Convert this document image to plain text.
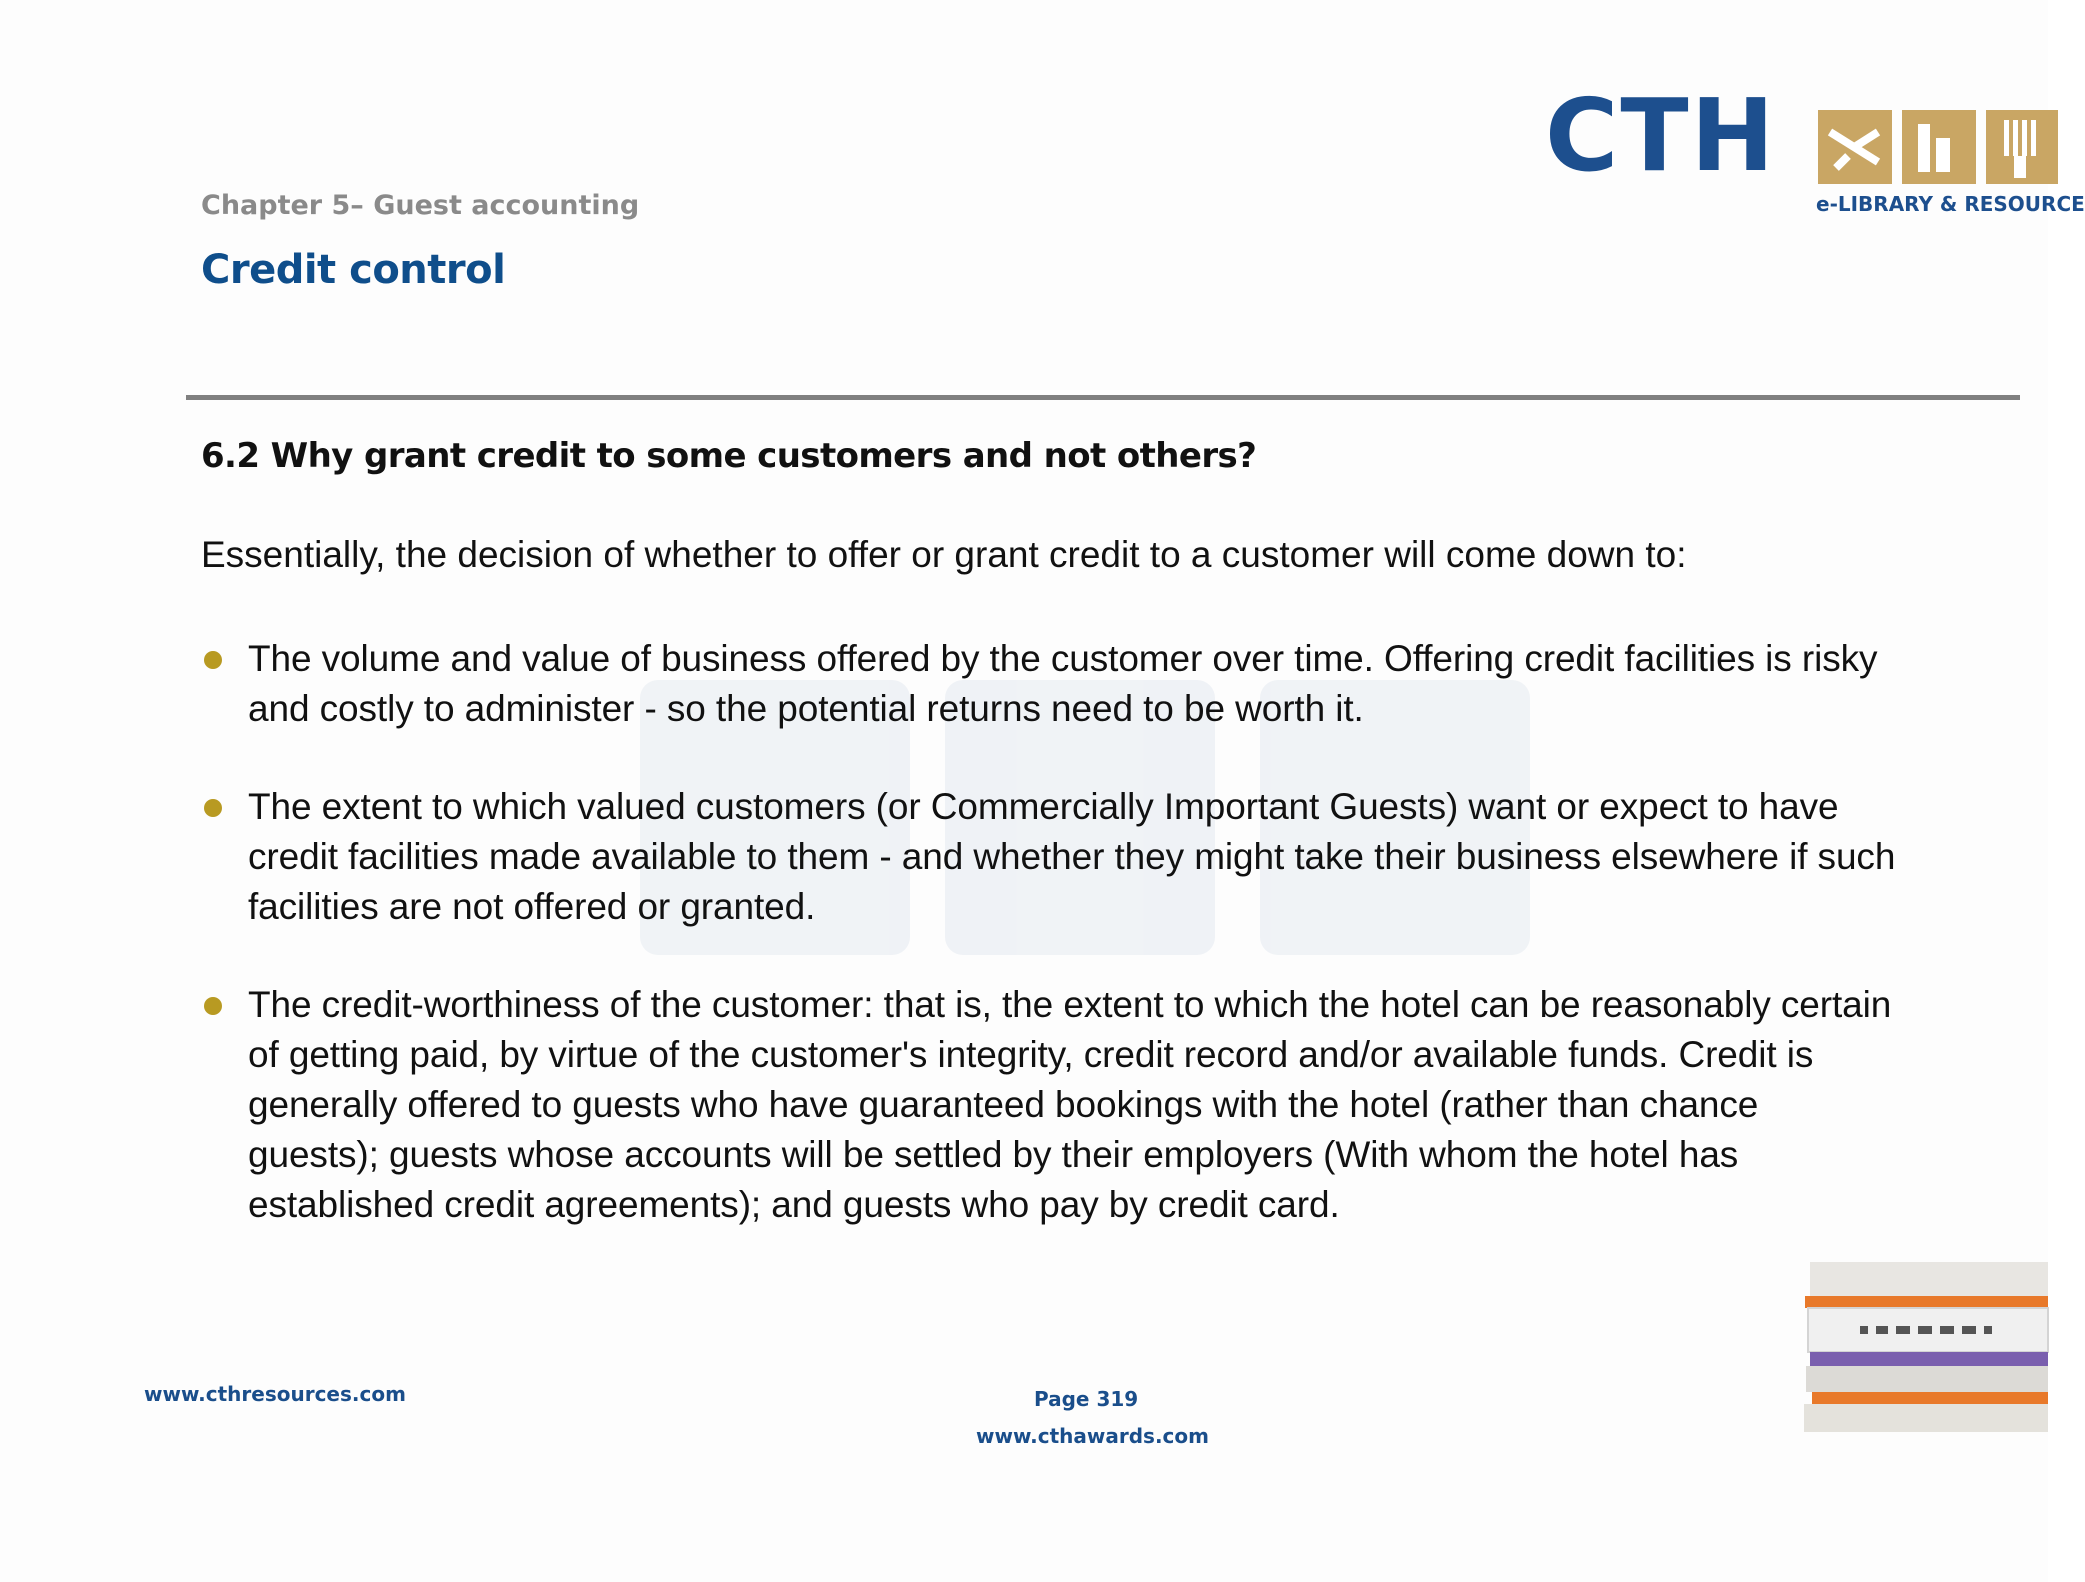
CTH
e-LIBRARY & RESOURCE
Chapter 5– Guest accounting
Credit control
6.2 Why grant credit to some customers and not others?
Essentially, the decision of whether to offer or grant credit to a customer will come down to:
The volume and value of business offered by the customer over time. Offering credit facilities is risky
and costly to administer - so the potential returns need to be worth it.
The extent to which valued customers (or Commercially Important Guests) want or expect to have
credit facilities made available to them - and whether they might take their business elsewhere if such
facilities are not offered or granted.
The credit-worthiness of the customer: that is, the extent to which the hotel can be reasonably certain
of getting paid, by virtue of the customer's integrity, credit record and/or available funds. Credit is
generally offered to guests who have guaranteed bookings with the hotel (rather than chance
guests); guests whose accounts will be settled by their employers (With whom the hotel has
established credit agreements); and guests who pay by credit card.
www.cthresources.com	Page 319
www.cthawards.com
